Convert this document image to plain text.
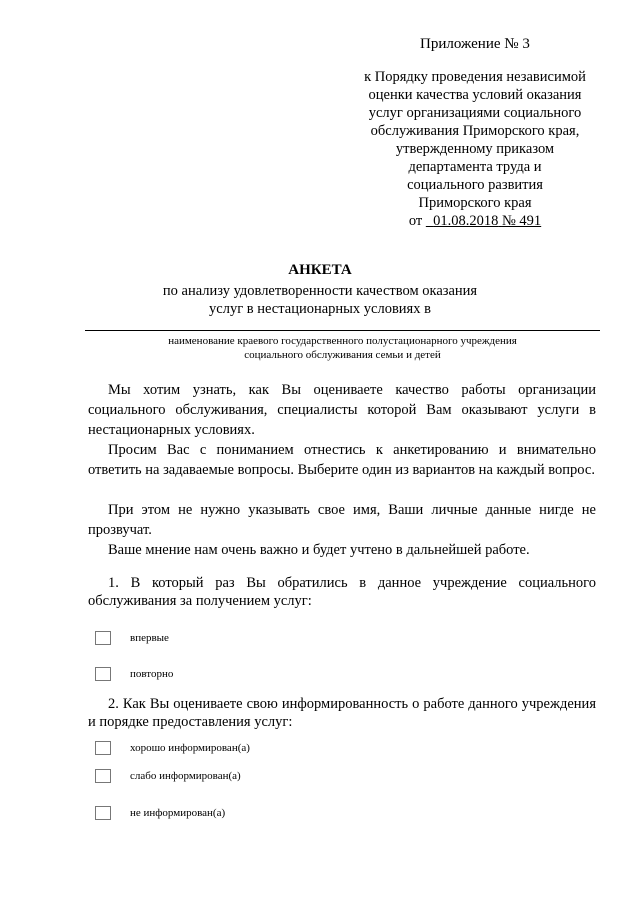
Приложение № 3
к Порядку проведения независимой
оценки качества условий оказания
услуг организациями социального
обслуживания Приморского края,
утвержденному приказом
департамента труда и
социального развития
Приморского края
от 01.08.2018 № 491
АНКЕТА
по анализу удовлетворенности качеством оказания
услуг в нестационарных условиях в
наименование краевого государственного полустационарного учреждения
социального обслуживания семьи и детей

Мы хотим узнать, как Вы оцениваете качество работы организации социального обслуживания, специалисты которой Вам оказывают услуги в нестационарных условиях.

Просим Вас с пониманием отнестись к анкетированию и внимательно ответить на задаваемые вопросы. Выберите один из вариантов на каждый вопрос.

При этом не нужно указывать свое имя, Ваши личные данные нигде не прозвучат.

Ваше мнение нам очень важно и будет учтено в дальнейшей работе.

1. В который раз Вы обратились в данное учреждение социального обслуживания за получением услуг:

впервые
повторно

2. Как Вы оцениваете свою информированность о работе данного учреждения и порядке предоставления услуг:

хорошо информирован(а)
слабо информирован(а)
не информирован(а)
